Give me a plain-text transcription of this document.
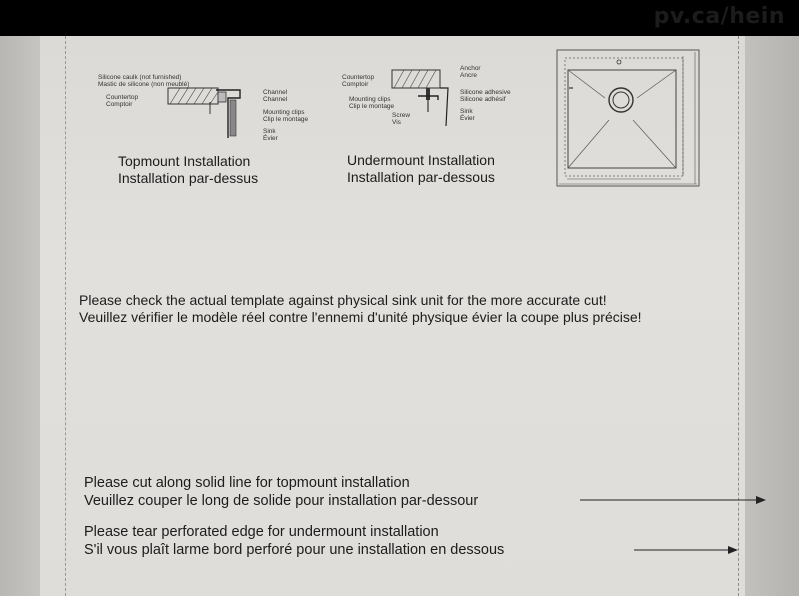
pv.ca/hein
Silicone caulk (not furnished)
Mastic de silicone (non meublé)
Countertop
Comptoir
Channel
Channel
Mounting clips
Clip le montage
Sink
Évier
Topmount Installation
Installation par-dessus
Anchor
Ancre
Countertop
Comptoir
Mounting clips
Clip le montage
Silicone adhesive
Silicone adhésif
Screw
Vis
Sink
Évier
Undermount Installation
Installation par-dessous
Please check the actual template against physical sink unit for the more accurate cut!
Veuillez vérifier le modèle réel contre l'ennemi d'unité physique évier la coupe plus précise!
Please cut along solid line for topmount installation
Veuillez couper le long de solide pour installation par-dessour
Please tear perforated edge for undermount installation
S'il vous plaît larme bord perforé pour une installation en dessous
